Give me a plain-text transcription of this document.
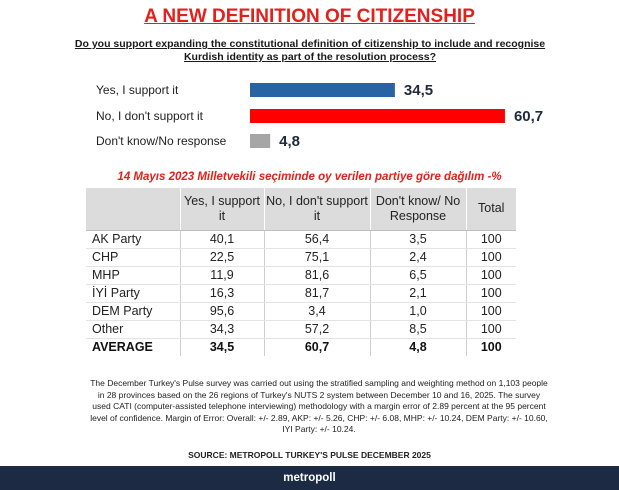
A NEW DEFINITION OF CITIZENSHIP
Do you support expanding the constitutional definition of citizenship to include and recognise Kurdish identity as part of the resolution process?
Yes, I support it	34,5
No, I don't support it	60,7
Don't know/No response	4,8
14 Mayıs 2023 Milletvekili seçiminde oy verilen partiye göre dağılım -%
	Yes, I support it	No, I don't support it	Don't know/ No Response	Total
AK Party	40,1	56,4	3,5	100
CHP	22,5	75,1	2,4	100
MHP	11,9	81,6	6,5	100
İYİ Party	16,3	81,7	2,1	100
DEM Party	95,6	3,4	1,0	100
Other	34,3	57,2	8,5	100
AVERAGE	34,5	60,7	4,8	100
The December Turkey's Pulse survey was carried out using the stratified sampling and weighting method on 1,103 people in 28 provinces based on the 26 regions of Turkey's NUTS 2 system between December 10 and 16, 2025. The survey used CATI (computer-assisted telephone interviewing) methodology with a margin error of 2.89 percent at the 95 percent level of confidence. Margin of Error: Overall: +/- 2.89, AKP: +/- 5.26, CHP: +/- 6.08, MHP: +/- 10.24, DEM Party: +/- 10.60, IYI Party: +/- 10.24.
SOURCE: METROPOLL TURKEY'S PULSE DECEMBER 2025
metropoll
